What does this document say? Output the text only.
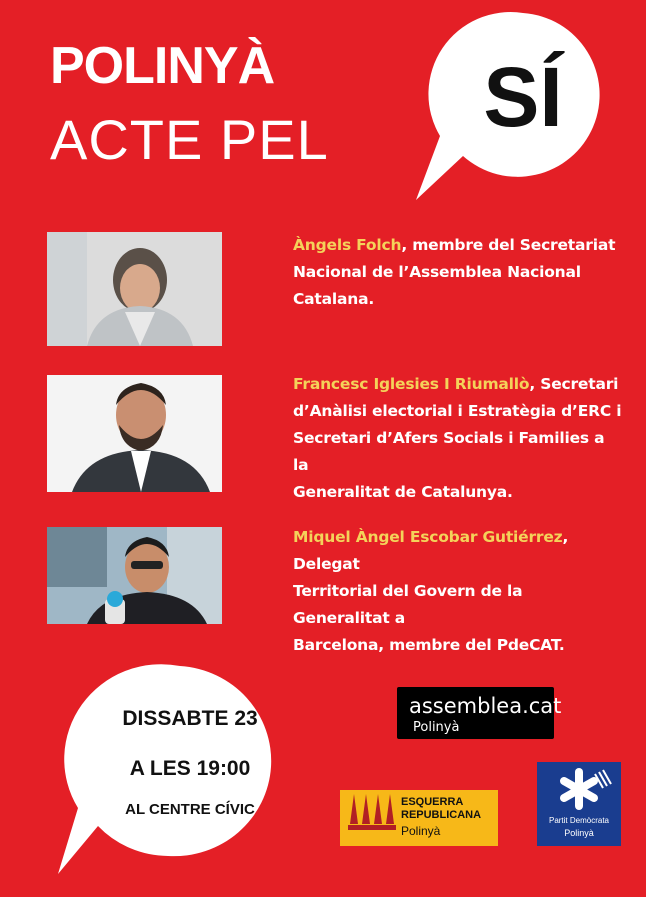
POLINYÀ
ACTE PEL	SÍ
Àngels Folch, membre del Secretariat
Nacional de l’Assemblea Nacional
Catalana.
Francesc Iglesies I Riumallò, Secretari
d’Anàlisi electorial i Estratègia d’ERC i
Secretari d’Afers Socials i Families a la
Generalitat de Catalunya.
Miquel Àngel Escobar Gutiérrez, Delegat
Territorial del Govern de la Generalitat a
Barcelona, membre del PdeCAT.
DISSABTE 23
A LES 19:00
AL CENTRE CÍVIC
assemblea.cat
Polinyà
ESQUERRA
REPUBLICANA
Polinyà
Partit Demòcrata
Polinyà
